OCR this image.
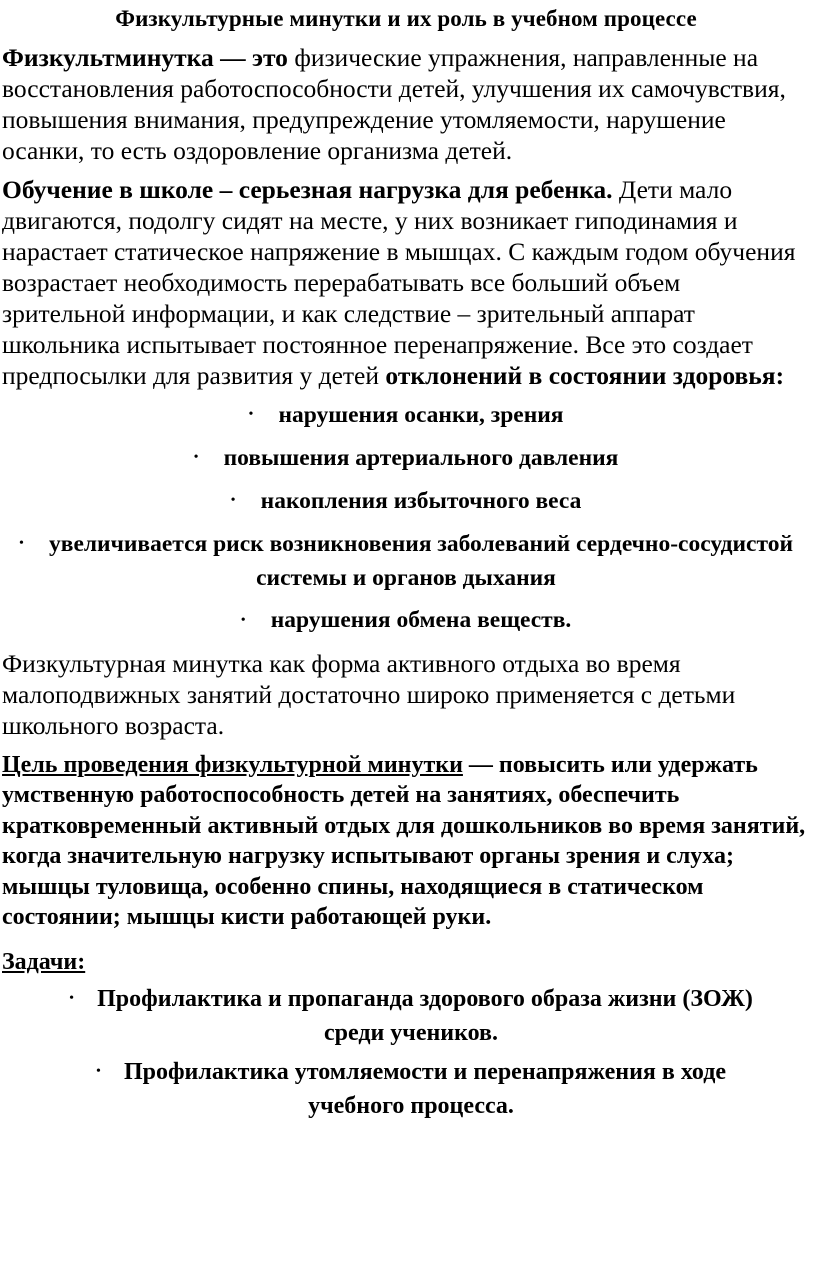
Физкультурные минутки и их роль в учебном процессе

Физкультминутка — это физические упражнения, направленные на восстановления работоспособности детей, улучшения их самочувствия, повышения внимания, предупреждение утомляемости, нарушение осанки, то есть оздоровление организма детей.

Обучение в школе – серьезная нагрузка для ребенка. Дети мало двигаются, подолгу сидят на месте, у них возникает гиподинамия и нарастает статическое напряжение в мышцах. С каждым годом обучения возрастает необходимость перерабатывать все больший объем зрительной информации, и как следствие – зрительный аппарат школьника испытывает постоянное перенапряжение. Все это создает предпосылки для развития у детей отклонений в состоянии здоровья:

• нарушения осанки, зрения
• повышения артериального давления
• накопления избыточного веса
• увеличивается риск возникновения заболеваний сердечно-сосудистой системы и органов дыхания
• нарушения обмена веществ.

Физкультурная минутка как форма активного отдыха во время малоподвижных занятий достаточно широко применяется с детьми школьного возраста.

Цель проведения физкультурной минутки — повысить или удержать умственную работоспособность детей на занятиях, обеспечить кратковременный активный отдых для дошкольников во время занятий, когда значительную нагрузку испытывают органы зрения и слуха; мышцы туловища, особенно спины, находящиеся в статическом состоянии; мышцы кисти работающей руки.

Задачи:
• Профилактика и пропаганда здорового образа жизни (ЗОЖ) среди учеников.
• Профилактика утомляемости и перенапряжения в ходе учебного процесса.
